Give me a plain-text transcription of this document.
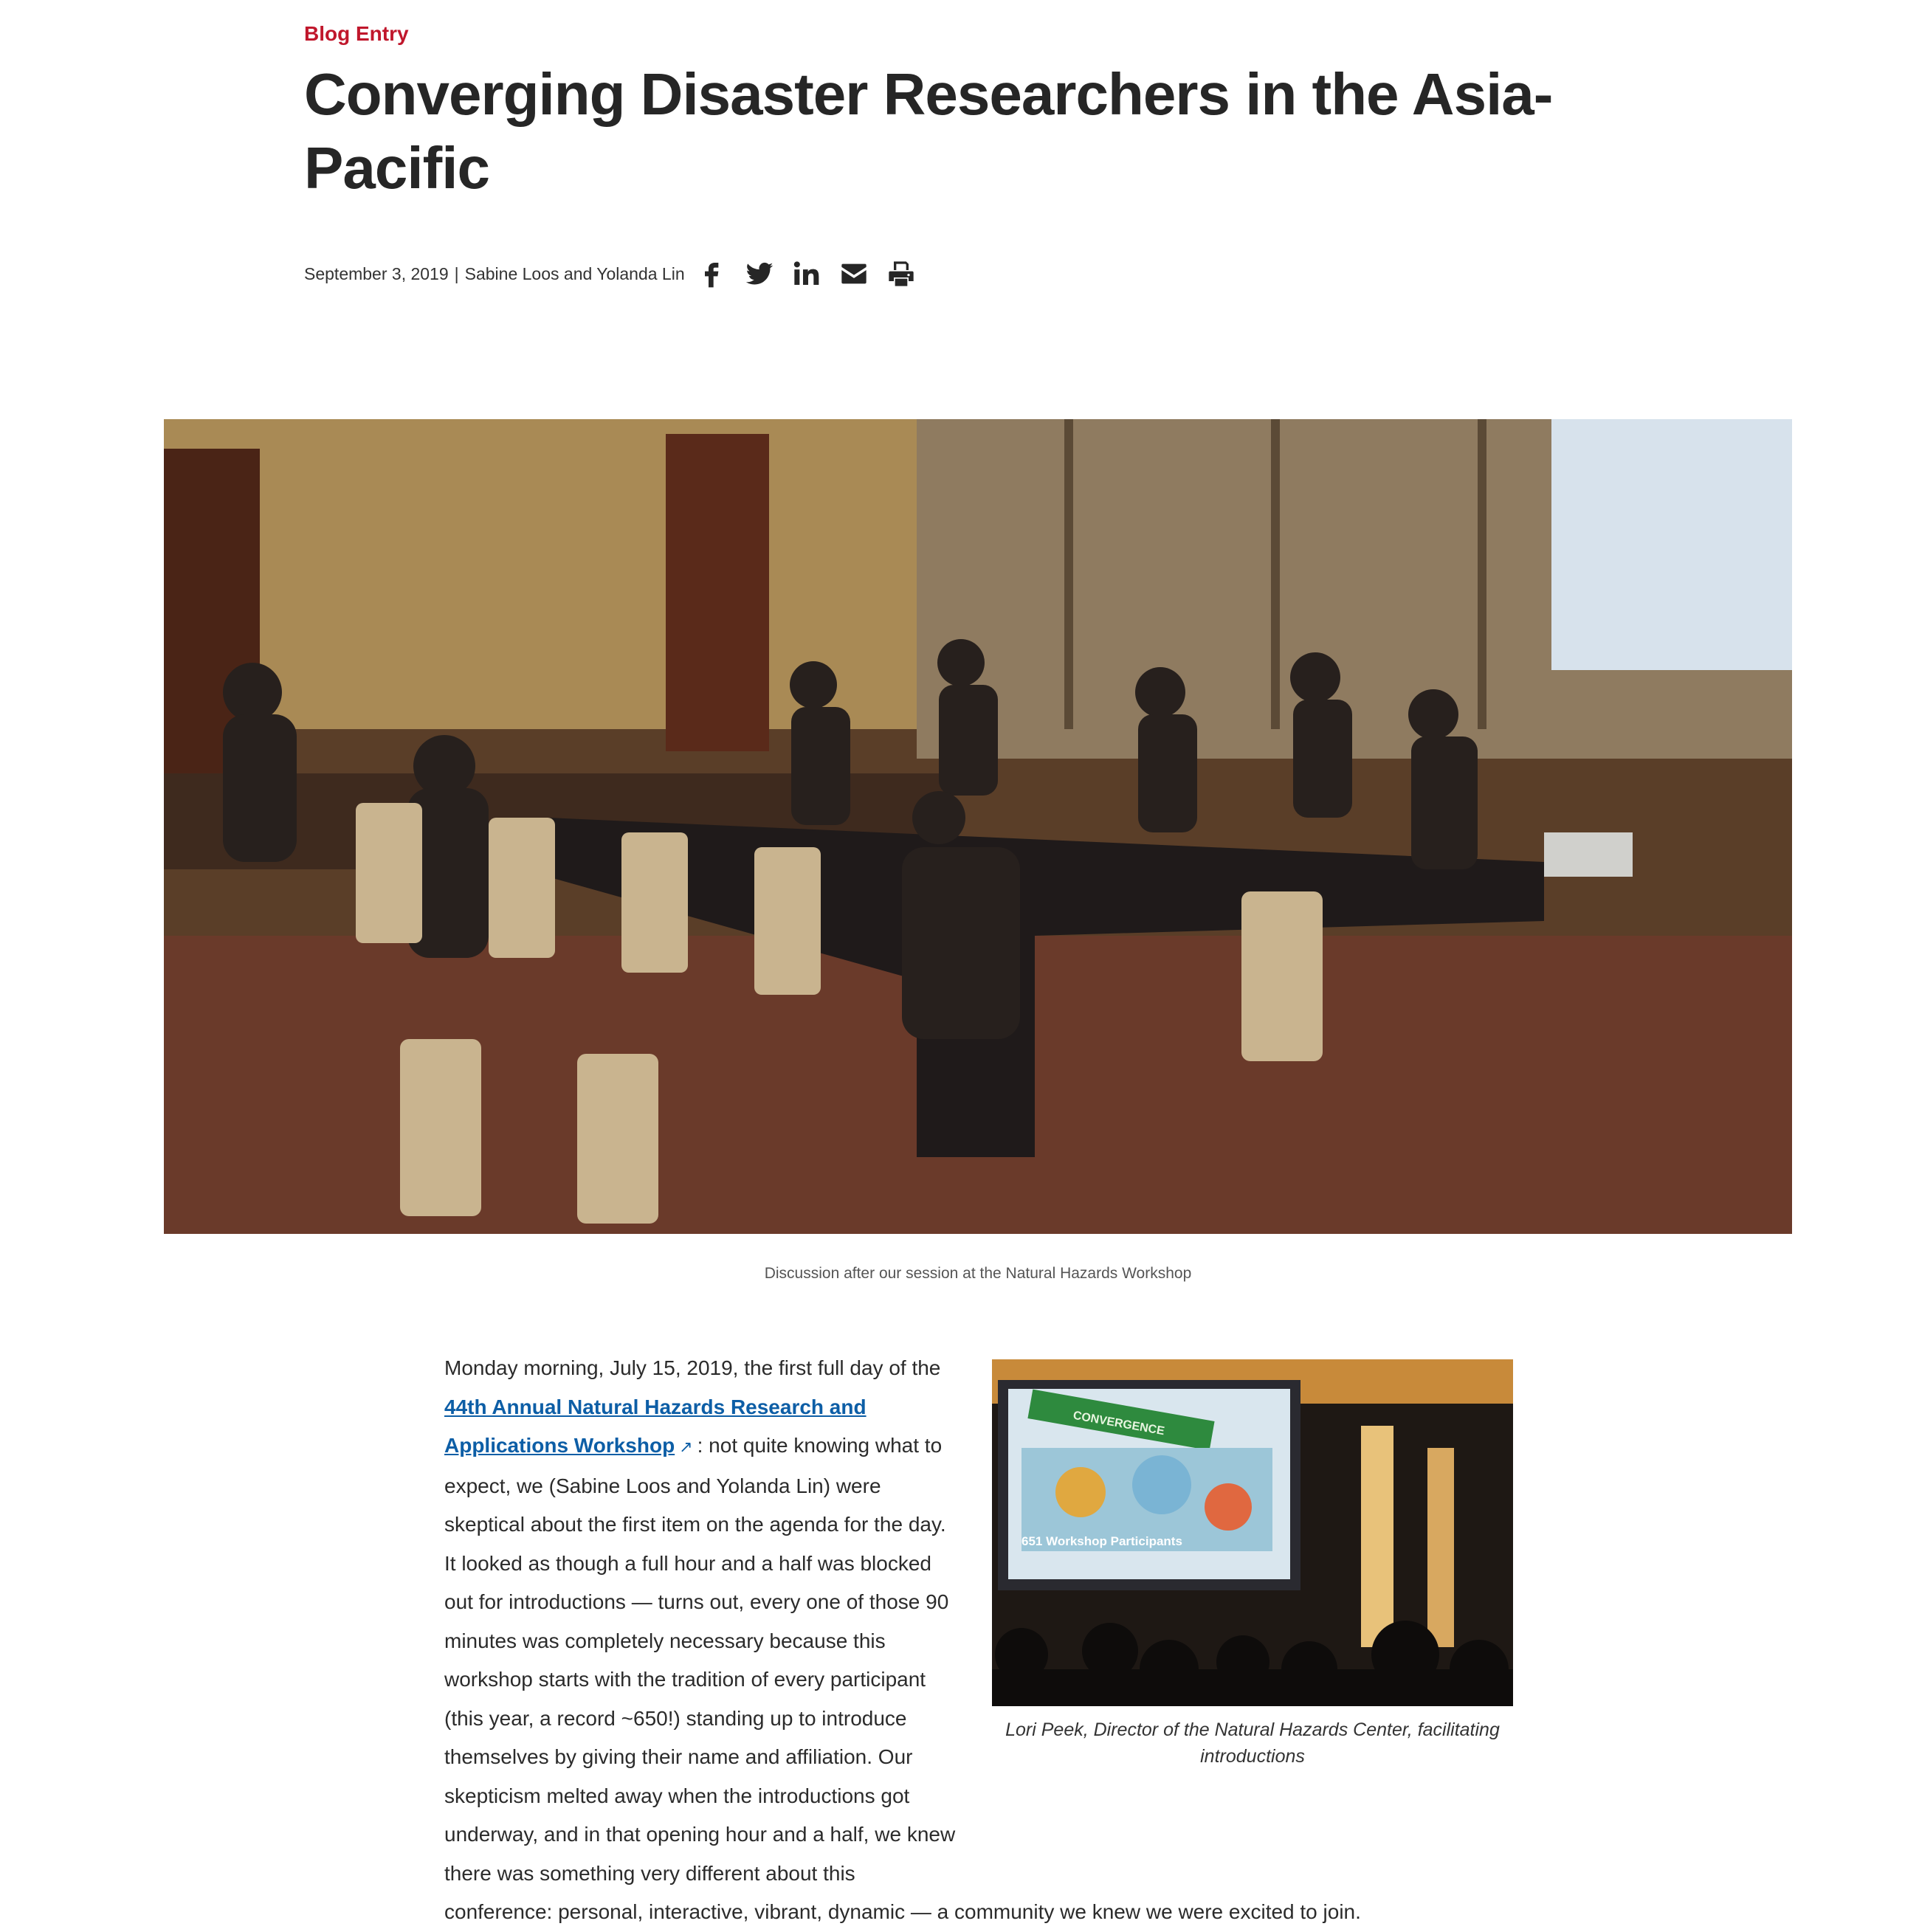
Blog Entry
Converging Disaster Researchers in the Asia-Pacific
September 3, 2019 | Sabine Loos and Yolanda Lin
Discussion after our session at the Natural Hazards Workshop

Monday morning, July 15, 2019, the first full day of the 44th Annual Natural Hazards Research and Applications Workshop ↗ : not quite knowing what to expect, we (Sabine Loos and Yolanda Lin) were skeptical about the first item on the agenda for the day. It looked as though a full hour and a half was blocked out for introductions — turns out, every one of those 90 minutes was completely necessary because this workshop starts with the tradition of every participant (this year, a record ~650!) standing up to introduce themselves by giving their name and affiliation. Our skepticism melted away when the introductions got underway, and in that opening hour and a half, we knew there was something very different about this conference: personal, interactive, vibrant, dynamic — a community we knew we were excited to join.

CONVERGENCE
651 Workshop Participants
Lori Peek, Director of the Natural Hazards Center, facilitating introductions
